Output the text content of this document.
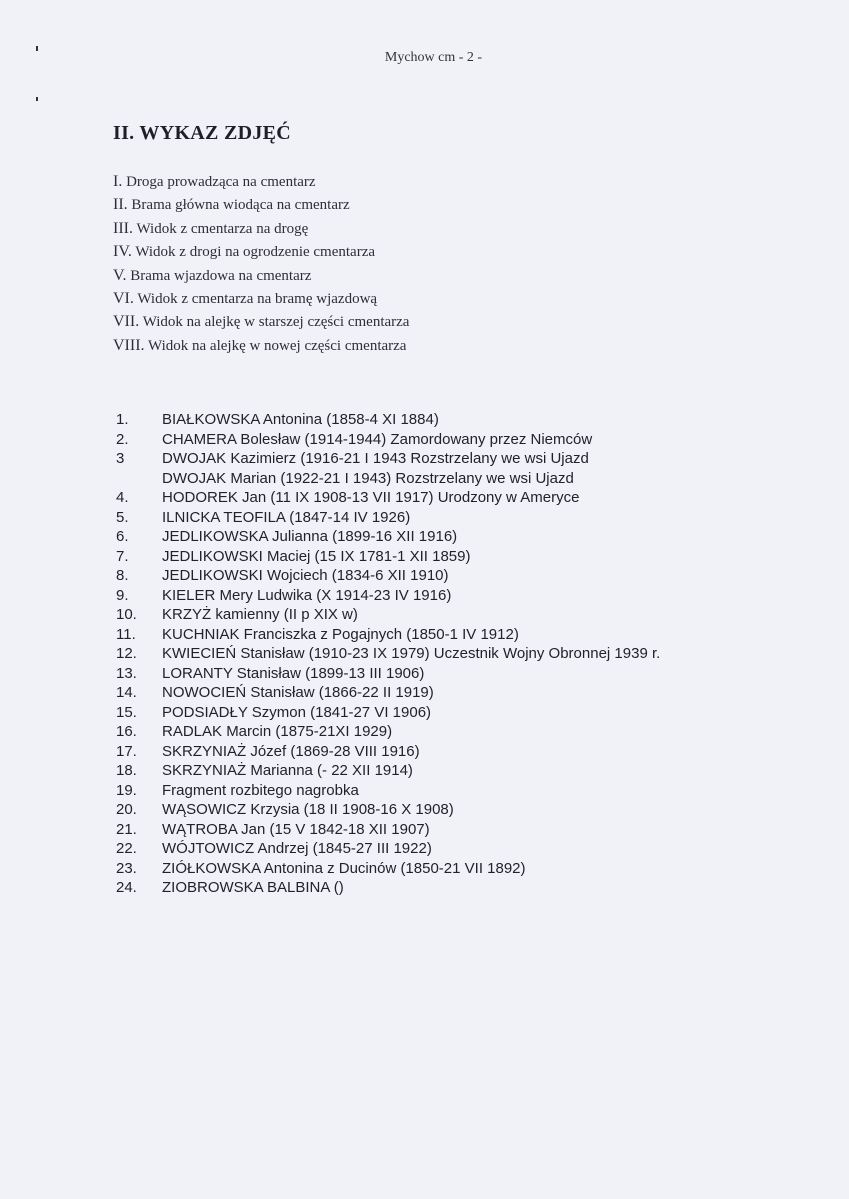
Mychow cm - 2 -
II. WYKAZ ZDJĘĆ
I. Droga prowadząca na cmentarz
II. Brama główna wiodąca na cmentarz
III. Widok z cmentarza na drogę
IV. Widok z drogi na ogrodzenie cmentarza
V. Brama wjazdowa na cmentarz
VI. Widok z cmentarza na bramę wjazdową
VII. Widok na alejkę w starszej części cmentarza
VIII. Widok na alejkę w nowej części cmentarza
1. BIAŁKOWSKA Antonina (1858-4 XI 1884)
2. CHAMERA Bolesław (1914-1944) Zamordowany przez Niemców
3	DWOJAK Kazimierz (1916-21 I 1943 Rozstrzelany we wsi Ujazd
DWOJAK Marian (1922-21 I 1943) Rozstrzelany we wsi Ujazd
4. HODOREK Jan (11 IX 1908-13 VII 1917) Urodzony w Ameryce
5. ILNICKA TEOFILA (1847-14 IV 1926)
6. JEDLIKOWSKA Julianna (1899-16 XII 1916)
7. JEDLIKOWSKI Maciej (15 IX 1781-1 XII 1859)
8. JEDLIKOWSKI Wojciech (1834-6 XII 1910)
9. KIELER Mery Ludwika (X 1914-23 IV 1916)
10. KRZYŻ kamienny (II p XIX w)
11. KUCHNIAK Franciszka z Pogajnych (1850-1 IV 1912)
12. KWIECIEŃ Stanisław (1910-23 IX 1979) Uczestnik Wojny Obronnej 1939 r.
13. LORANTY Stanisław (1899-13 III 1906)
14. NOWOCIEŃ Stanisław (1866-22 II 1919)
15. PODSIADŁY Szymon (1841-27 VI 1906)
16. RADLAK Marcin (1875-21XI 1929)
17. SKRZYNIAŻ Józef (1869-28 VIII 1916)
18. SKRZYNIAŻ Marianna (- 22 XII 1914)
19. Fragment rozbitego nagrobka
20. WĄSOWICZ Krzysia (18 II 1908-16 X 1908)
21. WĄTROBA Jan (15 V 1842-18 XII 1907)
22. WÓJTOWICZ Andrzej (1845-27 III 1922)
23. ZIÓŁKOWSKA Antonina z Ducinów (1850-21 VII 1892)
24. ZIOBROWSKA BALBINA ()
